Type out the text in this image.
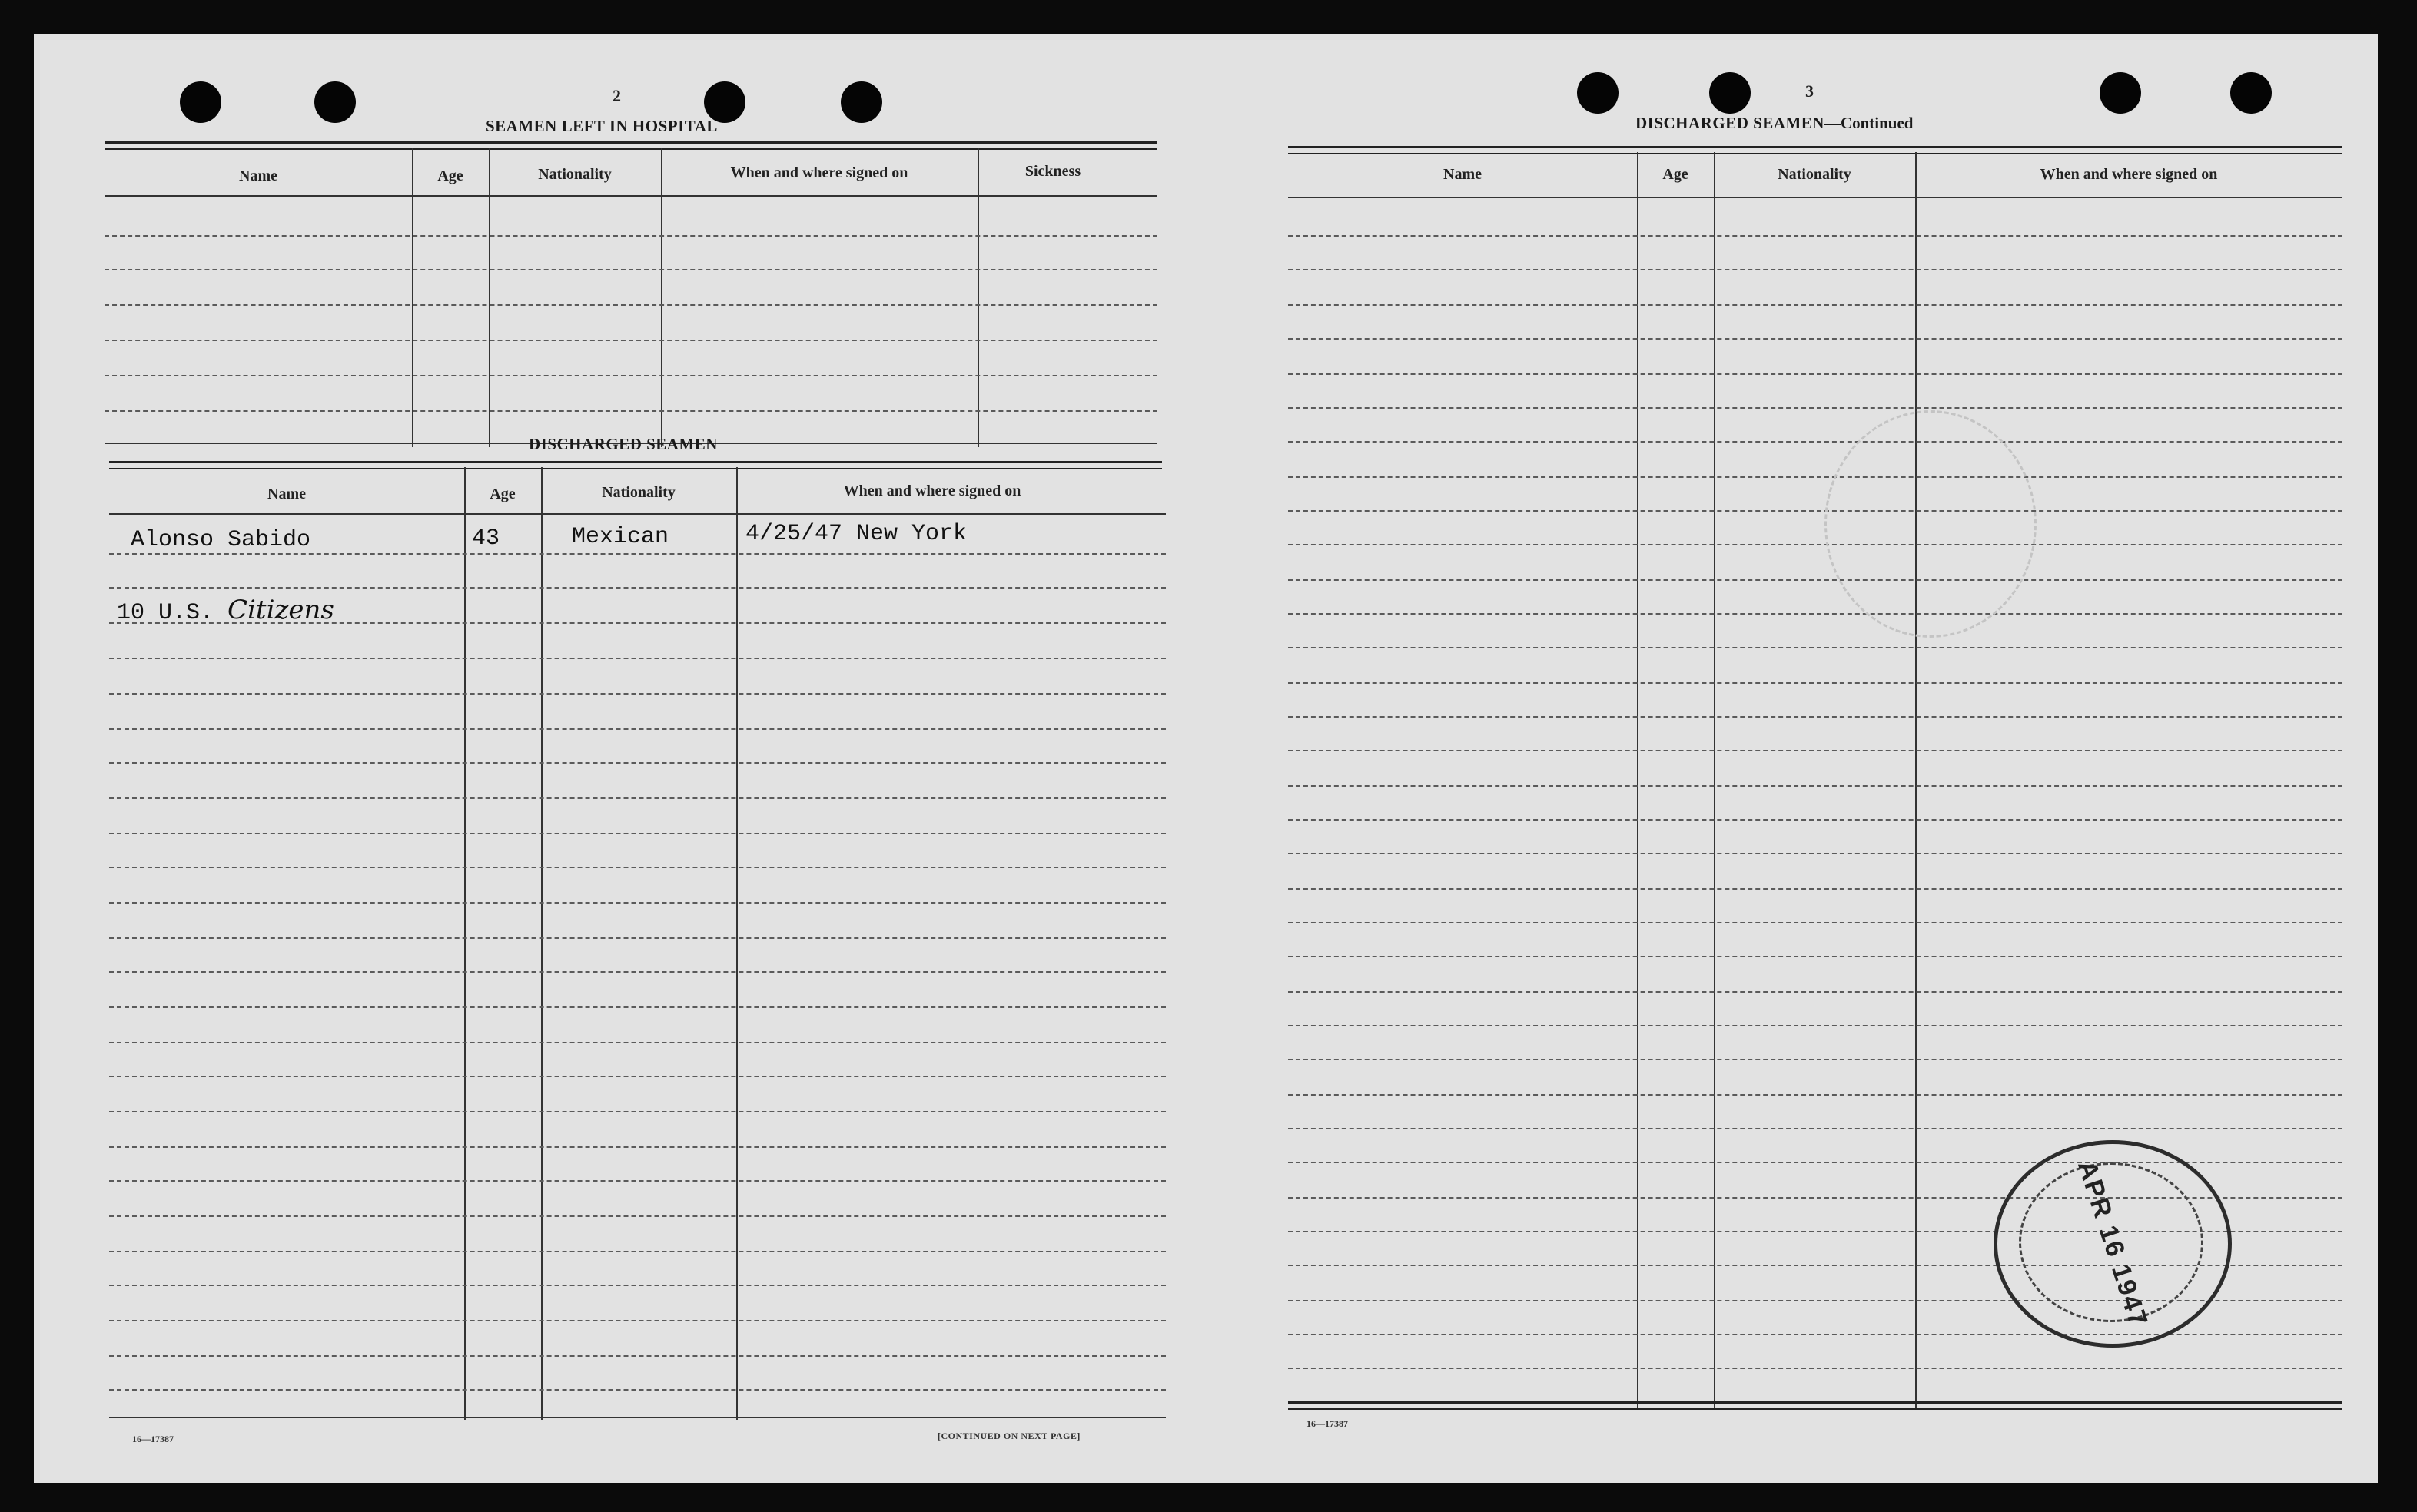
2
SEAMEN LEFT IN HOSPITAL
Name	Age	Nationality	When and where signed on	Sickness
DISCHARGED SEAMEN
Name	Age	Nationality	When and where signed on
Alonso Sabido	43	Mexican	4/25/47 New York
10 U.S. Citizens
16—17387	[CONTINUED ON NEXT PAGE]
3
DISCHARGED SEAMEN—Continued
Name	Age	Nationality	When and where signed on
16—17387
APR 16 1947
